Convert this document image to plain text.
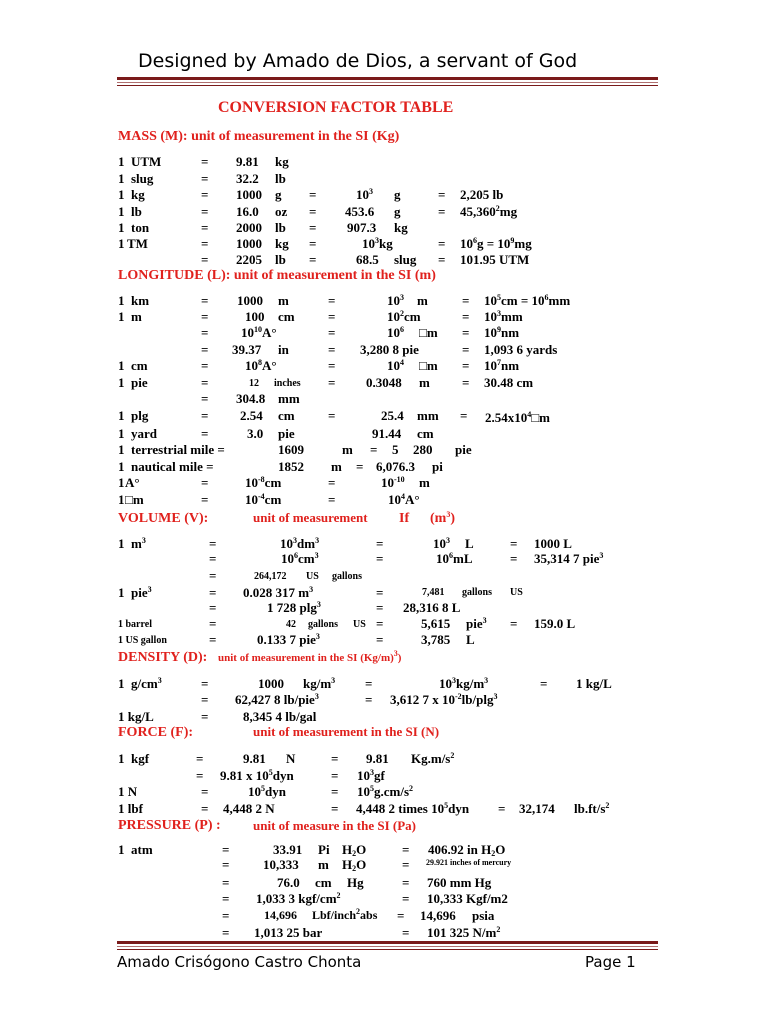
Designed by Amado de Dios, a servant of God
CONVERSION FACTOR TABLE
MASS (M): unit of measurement in the SI (Kg)
1 UTM	= 9.81 kg
1 slug	= 32.2 lb
1 kg	= 1000 g =	$10^3$ g	= 2,205 lb
1 lb	= 16.0 oz = 453.6 g	= $45,360^2mg$
1 ton	= 2000 lb = 907.3 kg
1 TM	= 1000 kg =	$10^3kg$	= $10^6g = 10^9mg$
= 2205 lb =	68.5 slug = 101.95 UTM
LONGITUDE (L): unit of measurement in the SI (m)
1 km	= 1000 m	=	$10^3$ m	= $10^5cm = 10^6mm$
1 m	=	100 cm	=	$10^2cm$	= $10^3mm$
=	$10^{10}A^\circ$	=	$10^6$ □m = $10^9nm$
= 39.37 in	= 3,280 8 pie	= 1,093 6 yards
1 cm	=	$10^8A^\circ$	=	$10^4$ □m = $10^7nm$
1 pie	=	12 inches = 0.3048 m = 30.48 cm
= 304.8 mm
1 plg	= 2.54 cm	=	25.4 mm = $2.54x10^4□m$
1 yard	=	3.0 pie	91.44 cm
1 terrestrial mile =	1609	m = 5 280 pie
1 nautical mile =	1852 m = 6,076.3 pi
1 A°	=	$10^{-8}cm$	=	$10^{-10}$ m
1 □m	=	$10^{-4}cm$	=	$10^4A^\circ$
VOLUME (V):	unit of measurement If $(m^3)$
1 $m^3$	=	$10^3dm^3$	=	$10^3$ L	= 1000 L
=	$10^6cm^3$	=	$10^6mL$	= 35,314 7 pie$^3$
=	264,172 US gallons
1 pie$^3$	= 0.028 317 $m^3$	=	7,481 gallons US
=	1 728 plg$^3$	= 28,316 8 L
1 barrel	=	42 gallons US =	5,615 pie$^3$ = 159.0 L
1 US gallon	=	0.133 7 pie$^3$	=	3,785 L
DENSITY (D): unit of measurement in the SI $(Kg/m)^3$)
1 $g/cm^3$	=	1000 $kg/m^3$ =	$10^3kg/m^3$	= 1 kg/L
= 62,427 8 lb/pie$^3$	= 3,612 7 x $10^{-2}lb/plg^3$
1 kg/L	=	8,345 4 lb/gal
FORCE (F):	unit of measurement in the SI (N)
1 kgf	=	9.81 N	= 9.81 $Kg.m/s^2$
= 9.81 x $10^5dyn$	= $10^3gf$
1 N	=	$10^5dyn$	= $10^5g.cm/s^2$
1 lbf	= 4,448 2 N	= 4,448 2 times $10^5dyn = 32,174$ $lb.ft/s^2$
PRESSURE (P) : unit of measure in the SI (Pa)
1 atm	=	33.91 Pi $H_2O$	= 406.92 in $H_2O$
=	10,333 m $H_2O$	= 29.921 inches of mercury
=	76.0 cm Hg	= 760 mm Hg
= 1,033 3 kgf/$cm^2$	= 10,333 Kgf/m2
=	14,696 Lbf/inch$^2$abs = 14,696 psia
= 1,013 25 bar	= 101 325 $N/m^2$
Amado Crisógono Castro Chonta	Page 1
